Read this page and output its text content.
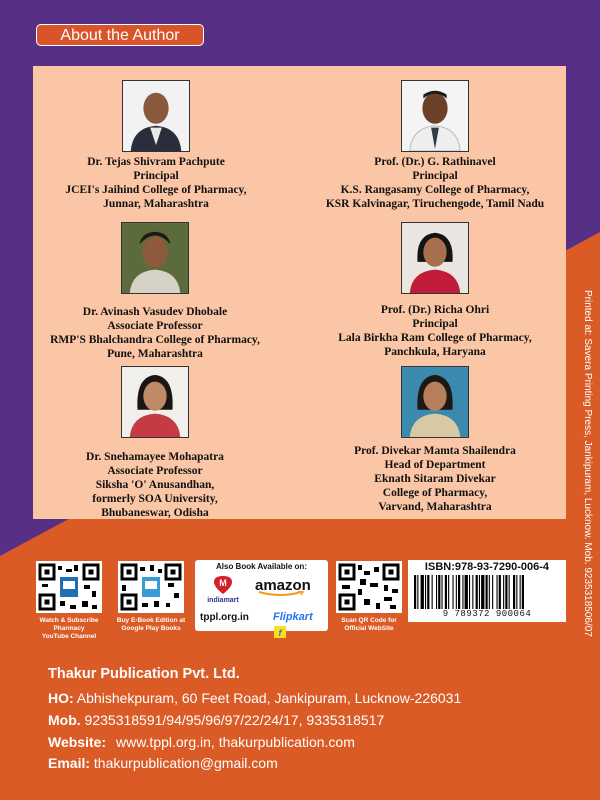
About the Author
Dr. Tejas Shivram Pachpute
Principal
JCEI's Jaihind College of Pharmacy,
Junnar, Maharashtra
Prof. (Dr.) G. Rathinavel
Principal
K.S. Rangasamy College of Pharmacy,
KSR Kalvinagar, Tiruchengode, Tamil Nadu
Dr. Avinash Vasudev Dhobale
Associate Professor
RMP'S Bhalchandra College of Pharmacy,
Pune, Maharashtra
Prof. (Dr.) Richa Ohri
Principal
Lala Birkha Ram College of Pharmacy,
Panchkula, Haryana
Dr. Snehamayee Mohapatra
Associate Professor
Siksha 'O' Anusandhan,
formerly SOA University,
Bhubaneswar, Odisha
Prof. Divekar Mamta Shailendra
Head of Department
Eknath Sitaram Divekar
College of Pharmacy,
Varvand, Maharashtra	Printed at: Savera Printing Press, Jankipuram, Lucknow. Mob. 9235318506/07
Watch & Subscribe
Pharmacy
YouTube Channel
Buy E-Book Edition at
Google Play Books
Also Book Available on:
M
indiamart
amazon
tppl.org.in Flipkart
f
Scan QR Code for
Official WebSite
ISBN:978-93-7290-006-4
9 789372 900064
Thakur Publication Pvt. Ltd.
HO: Abhishekpuram, 60 Feet Road, Jankipuram, Lucknow-226031
Mob. 9235318591/94/95/96/97/22/24/17, 9335318517
Website: www.tppl.org.in, thakurpublication.com
Email: thakurpublication@gmail.com
